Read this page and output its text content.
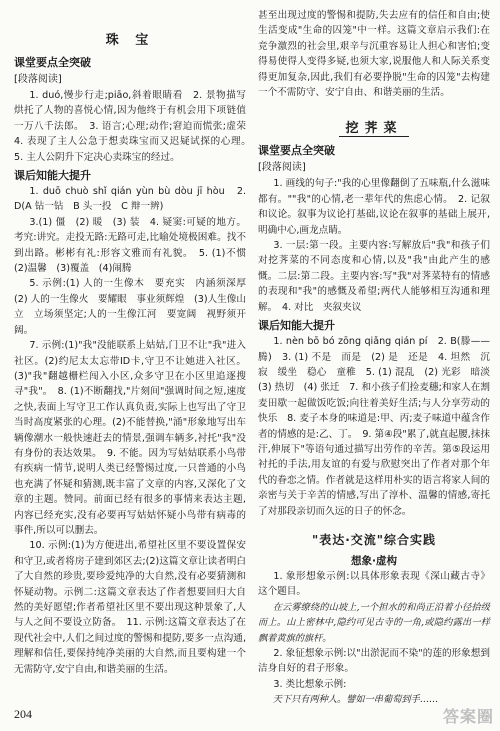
珠 宝
课堂要点全突破
[段落阅读]

1. duó,慢步行走;piāo,斜着眼睛看　2. 景物描写　烘托了人物的喜悦心情,因为他终于有机会用下项链值一万八千法郎。　3. 语言;心理;动作;窘迫而慌张;虚荣　4. 表现了主人公急于想卖珠宝而又迟疑试探的心理。　5. 主人公阴升下定决心卖珠宝的经过。

课后知能大提升

1. duō chuò shǐ qián yùn bù dòu jī hòu　2. D(A 钻一钻　B 头一投　C 辩一辨)

3.(1) 僵　(2) 暖　(3) 装　4. 疑窦:可疑的地方。考究:讲究。走投无路:无路可走,比喻处境极困难。找不到出路。彬彬有礼:形容文雅而有礼貌。　5. (1)不惯　(2)温馨　(3)覆盖　(4)闹腾

5. 示例:(1) 人的一生像木　要充实　内涵须深厚　(2) 人的一生像火　要耀眼　事业须辉煌　(3)人生像山立　立场须坚定;人的一生像江河　要宽阔　视野须开阔。

7. 示例:(1)"我"没能联系上姑姑,门卫不让"我"进入社区。(2)约尼太太忘带ID卡,守卫不让她进入社区。(3)"我"翻越栅栏闯入小区,众多守卫在小区里追逐搜寻"我"。　8. (1)不断翻找,"片刻间"强调时间之短,速度之快,表面上写守卫工作认真负责,实际上也写出了守卫当时高度紧张的心理。(2)不能替换,"涌"形象地写出车辆像潮水一般快速赶去的情景,强调车辆多,衬托"我"没有身份的表达效果。　9. 不能。因为写姑姑联系小鸟带有疾病一情节,说明人类已经警惕过度,一只普通的小鸟也充满了怀疑和猜测,既丰富了文章的内容,又深化了文章的主题。赞同。前面已经有很多的事情来表达主题,内容已经充实,没有必要再写姑姑怀疑小鸟带有病毒的事件,所以可以删去。

10. 示例:(1)为方便进出,希望社区里不要设置保安和守卫,或者将房子建到郊区去;(2)这篇文章让读者明白了大自然的珍贵,要珍爱纯净的大自然,没有必要猜测和怀疑动物。示例二:这篇文章表达了作者想要回归大自然的美好愿望;作者希望社区里不要出现这种景象了,人与人之间不要设立防备。　11. 示例:这篇文章表达了在现代社会中,人们之间过度的警惕和提防,要多一点沟通,理解和信任,要保持纯净美丽的大自然,而且要构建一个无需防守,安宁自由,和谐美丽的生活。

甚至出现过度的警惕和提防,失去应有的信任和自由;使生活变成"生命的囚笼"中一样。这篇文章启示我们:在竞争激烈的社会里,艰辛与沉重容易让人担心和害怕;变得易使得人变得多疑,也须大家,说服他人和人际关系变得更加复杂,因此,我们有必要挣脱"生命的囚笼"去构建一个不需防守、安宁自由、和谐美丽的生活。

挖荠菜
课堂要点全突破
[段落阅读]

1. 画线的句子:"我的心里像翻倒了五味瓶,什么滋味都有。""我"的心情,老一辈年代的焦虑心情。　2. 记叙和议论。叙事为议论打基础,议论在叙事的基础上展开,明确中心,画龙点睛。

3. 一层:第一段。主要内容:写解放后"我"和孩子们对挖荠菜的不同态度和心情,以及"我"由此产生的感慨。二层:第二段。主要内容:写"我"对荠菜特有的情感的表现和"我"的感慨及希望;两代人能够相互沟通和理解。　4. 对比　夹叙夹议

课后知能大提升

1. nèn bō bó zōng qiǎng qián pí　2. B(滕——腾)　3. (1) 不是　而是　(2) 是　还是　4. 坦然　沉寂　缓坐　稳心　童稚　5. (1) 混乱　(2) 光彩　暗淡　(3) 热切　(4) 张迁　7. 和小孩子们捡麦穗;和家人在割麦田歇一起做饭吃饭;向往着美好生活;与人分享劳动的快乐　8. 麦子本身的味道是:甲、丙;麦子味道中蕴含作者的情感的是:乙、丁。　9. 第④段"累了,就直起腰,抹抹汗,伸展下"等语句通过描写出劳作的辛苦。第⑤段运用衬托的手法,用友谊的有爱与欣慰突出了作者对那个年代的眷恋之情。作者就是这样用朴实的语言将家人间的亲密与关于辛苦的情感,写出了淳朴、温馨的情感,寄托了对那段亲切而久远的日子的怀念。

"表达·交流"综合实践
想象·虚构

1. 象形想象示例:以具体形象表现《深山藏古寺》这个题目。

在云雾缭绕的山坡上,一个担水的和尚正沿着小径拾级而上。山上密林中,隐约可见古寺的一角,或隐约露出一样飘着黄旗的旗杆。

2. 象征想象示例:以"出淤泥而不染"的莲的形象想到洁身自好的君子形象。

3. 类比想象示例:

天下只有两种人。譬如一串葡萄到手……

204	答案圈
